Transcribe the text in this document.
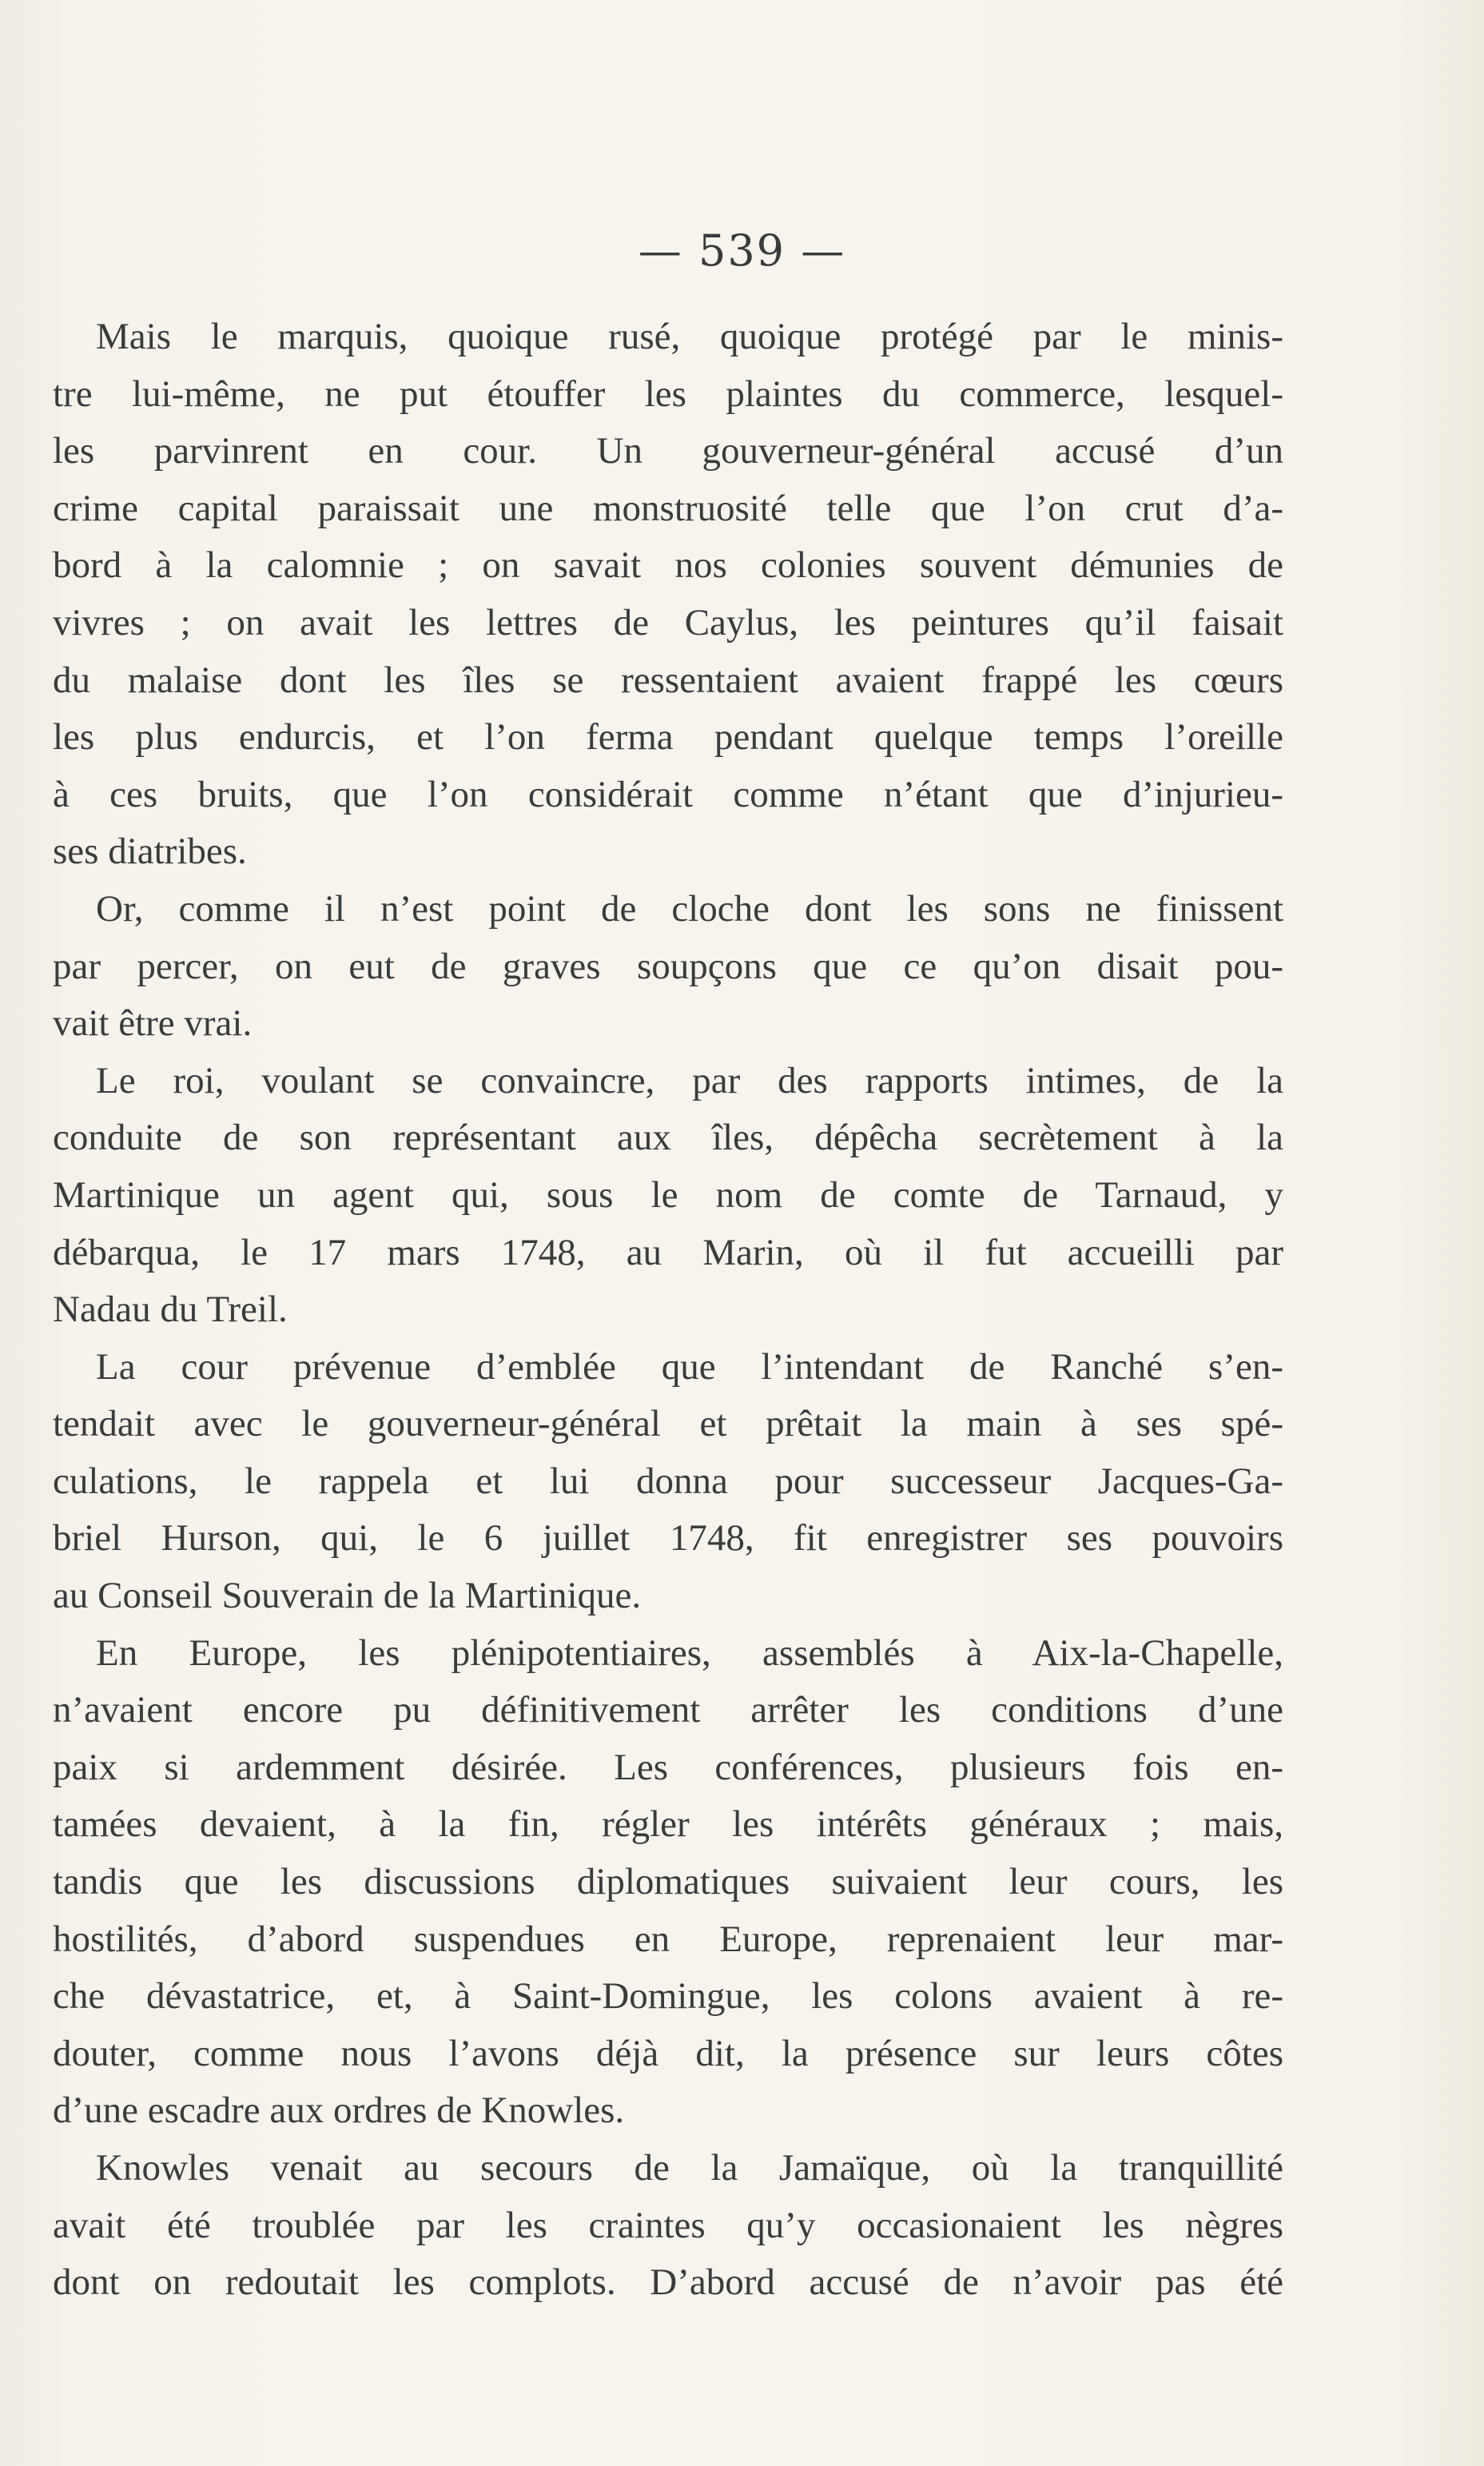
— 539 —
Mais le marquis, quoique rusé, quoique protégé par le minis-
tre lui-même, ne put étouffer les plaintes du commerce, lesquel-
les parvinrent en cour. Un gouverneur-général accusé d’un
crime capital paraissait une monstruosité telle que l’on crut d’a-
bord à la calomnie ; on savait nos colonies souvent démunies de
vivres ; on avait les lettres de Caylus, les peintures qu’il faisait
du malaise dont les îles se ressentaient avaient frappé les cœurs
les plus endurcis, et l’on ferma pendant quelque temps l’oreille
à ces bruits, que l’on considérait comme n’étant que d’injurieu-
ses diatribes.
Or, comme il n’est point de cloche dont les sons ne finissent
par percer, on eut de graves soupçons que ce qu’on disait pou-
vait être vrai.
Le roi, voulant se convaincre, par des rapports intimes, de la
conduite de son représentant aux îles, dépêcha secrètement à la
Martinique un agent qui, sous le nom de comte de Tarnaud, y
débarqua, le 17 mars 1748, au Marin, où il fut accueilli par
Nadau du Treil.
La cour prévenue d’emblée que l’intendant de Ranché s’en-
tendait avec le gouverneur-général et prêtait la main à ses spé-
culations, le rappela et lui donna pour successeur Jacques-Ga-
briel Hurson, qui, le 6 juillet 1748, fit enregistrer ses pouvoirs
au Conseil Souverain de la Martinique.
En Europe, les plénipotentiaires, assemblés à Aix-la-Chapelle,
n’avaient encore pu définitivement arrêter les conditions d’une
paix si ardemment désirée. Les conférences, plusieurs fois en-
tamées devaient, à la fin, régler les intérêts généraux ; mais,
tandis que les discussions diplomatiques suivaient leur cours, les
hostilités, d’abord suspendues en Europe, reprenaient leur mar-
che dévastatrice, et, à Saint-Domingue, les colons avaient à re-
douter, comme nous l’avons déjà dit, la présence sur leurs côtes
d’une escadre aux ordres de Knowles.
Knowles venait au secours de la Jamaïque, où la tranquillité
avait été troublée par les craintes qu’y occasionaient les nègres
dont on redoutait les complots. D’abord accusé de n’avoir pas été
